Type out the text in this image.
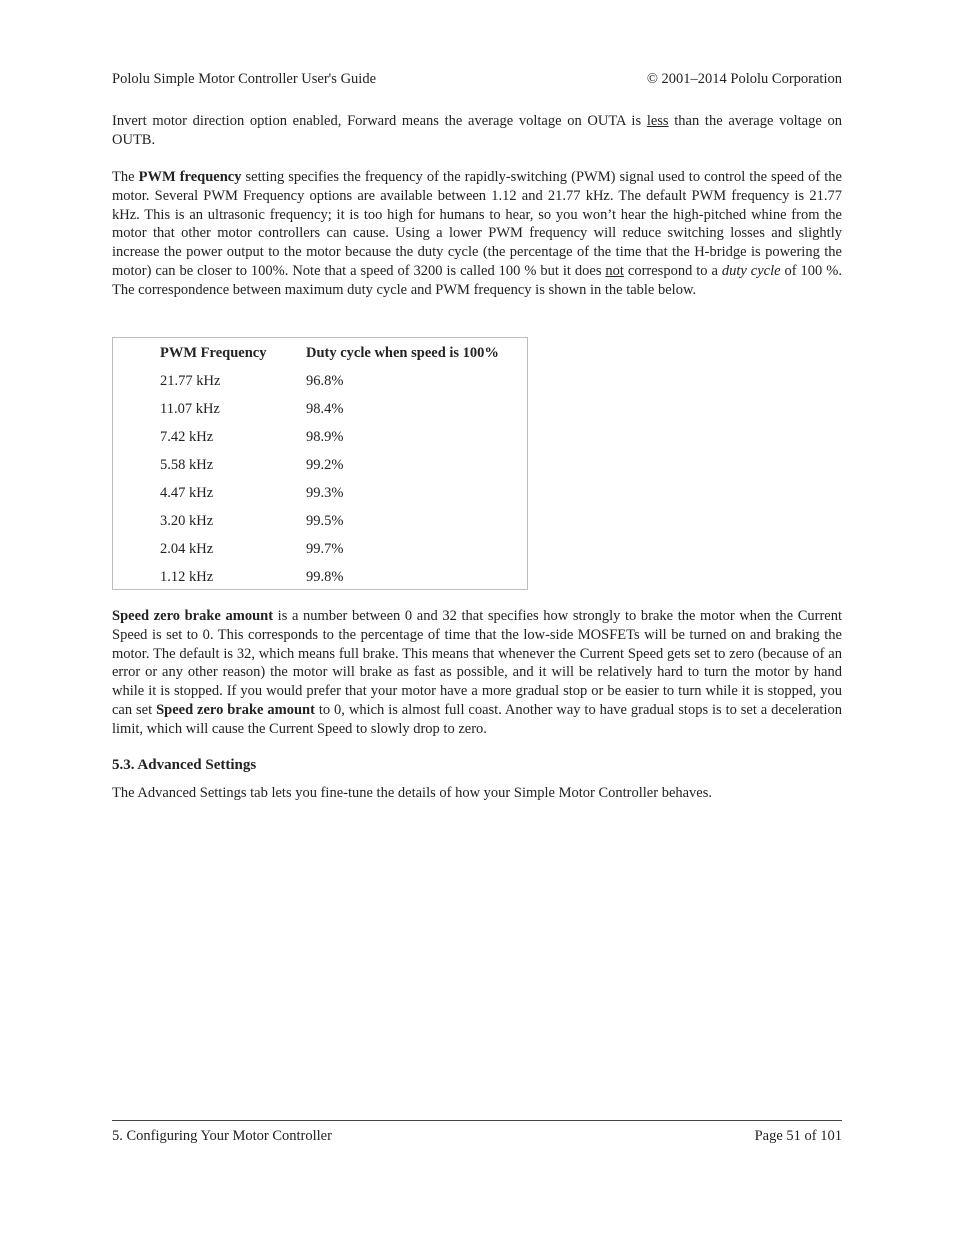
Pololu Simple Motor Controller User's Guide	© 2001–2014 Pololu Corporation

Invert motor direction option enabled, Forward means the average voltage on OUTA is less than the average voltage on OUTB.

The PWM frequency setting specifies the frequency of the rapidly-switching (PWM) signal used to control the speed of the motor. Several PWM Frequency options are available between 1.12 and 21.77 kHz. The default PWM frequency is 21.77 kHz. This is an ultrasonic frequency; it is too high for humans to hear, so you won’t hear the high-pitched whine from the motor that other motor controllers can cause. Using a lower PWM frequency will reduce switching losses and slightly increase the power output to the motor because the duty cycle (the percentage of the time that the H-bridge is powering the motor) can be closer to 100%. Note that a speed of 3200 is called 100 % but it does not correspond to a duty cycle of 100 %. The correspondence between maximum duty cycle and PWM frequency is shown in the table below.

PWM Frequency	Duty cycle when speed is 100%
21.77 kHz	96.8%
11.07 kHz	98.4%
7.42 kHz	98.9%
5.58 kHz	99.2%
4.47 kHz	99.3%
3.20 kHz	99.5%
2.04 kHz	99.7%
1.12 kHz	99.8%

Speed zero brake amount is a number between 0 and 32 that specifies how strongly to brake the motor when the Current Speed is set to 0. This corresponds to the percentage of time that the low-side MOSFETs will be turned on and braking the motor. The default is 32, which means full brake. This means that whenever the Current Speed gets set to zero (because of an error or any other reason) the motor will brake as fast as possible, and it will be relatively hard to turn the motor by hand while it is stopped. If you would prefer that your motor have a more gradual stop or be easier to turn while it is stopped, you can set Speed zero brake amount to 0, which is almost full coast. Another way to have gradual stops is to set a deceleration limit, which will cause the Current Speed to slowly drop to zero.

5.3. Advanced Settings

The Advanced Settings tab lets you fine-tune the details of how your Simple Motor Controller behaves.

5. Configuring Your Motor Controller	Page 51 of 101
